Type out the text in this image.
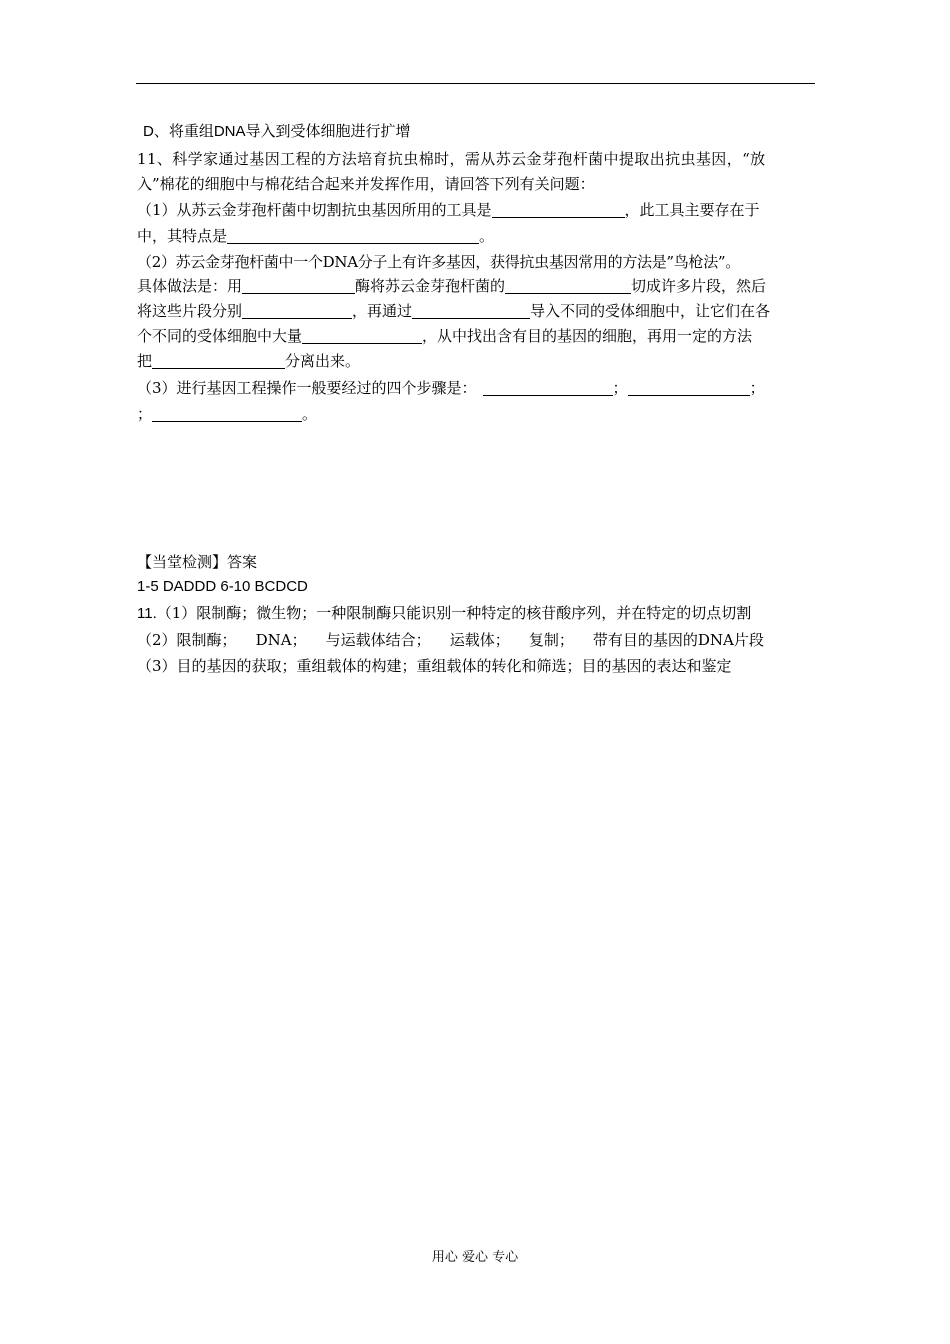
D、将重组DNA导入到受体细胞进行扩增
11、科学家通过基因工程的方法培育抗虫棉时，需从苏云金芽孢杆菌中提取出抗虫基因，“放
入”棉花的细胞中与棉花结合起来并发挥作用，请回答下列有关问题：
（1）从苏云金芽孢杆菌中切割抗虫基因所用的工具是	，此工具主要存在于
中，其特点是	。
（2）苏云金芽孢杆菌中一个DNA分子上有许多基因，获得抗虫基因常用的方法是”鸟枪法”。
具体做法是：用	酶将苏云金芽孢杆菌的	切成许多片段，然后
将这些片段分别	，再通过	导入不同的受体细胞中，让它们在各
个不同的受体细胞中大量	，从中找出含有目的基因的细胞，再用一定的方法
把	分离出来。
（3）进行基因工程操作一般要经过的四个步骤是：	；	；
；	。
【当堂检测】答案
1-5 DADDD 6-10 BCDCD
11.（1）限制酶；微生物；一种限制酶只能识别一种特定的核苷酸序列，并在特定的切点切割
（2）限制酶；    DNA；    与运载体结合；    运载体；    复制；    带有目的基因的DNA片段
（3）目的基因的获取；重组载体的构建；重组载体的转化和筛选；目的基因的表达和鉴定
用心 爱心 专心
